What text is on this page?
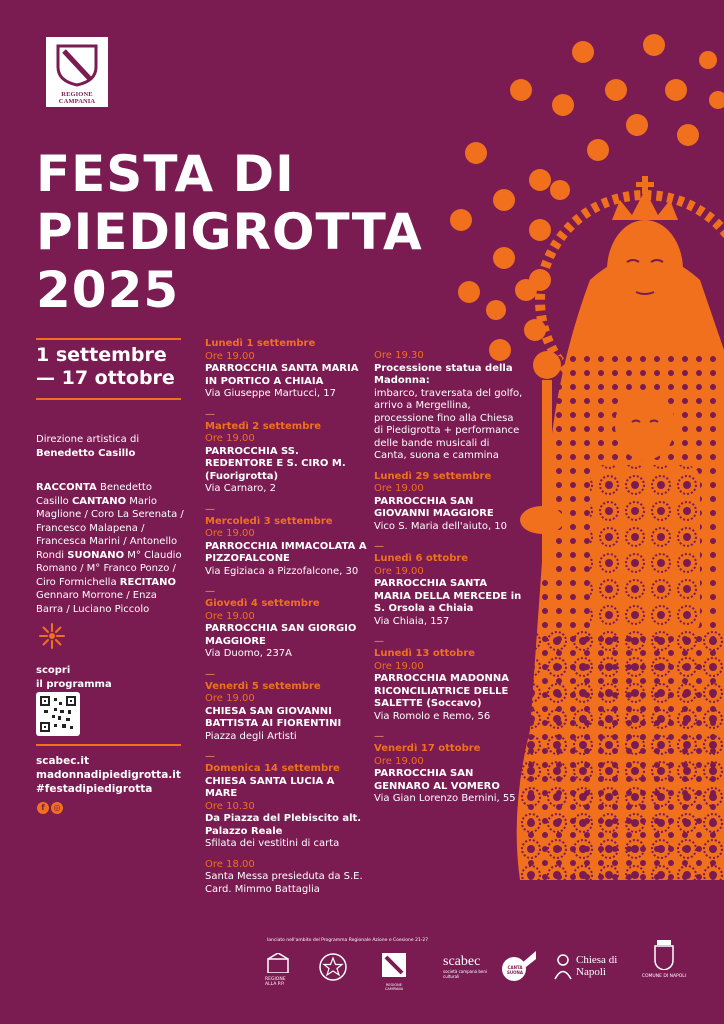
REGIONE CAMPANIA
FESTA DI
PIEDIGROTTA
2025
1 settembre
— 17 ottobre
Direzione artistica di
Benedetto Casillo
RACCONTA Benedetto Casillo CANTANO Mario Maglione / Coro La Serenata / Francesco Malapena / Francesca Marini / Antonello Rondi SUONANO M° Claudio Romano / M° Franco Ponzo / Ciro Formichella RECITANO Gennaro Morrone / Enza Barra / Luciano Piccolo
scopri
il programma
scabec.it
madonnadipiedigrotta.it
#festadipiedigrotta
f ◎
Lunedì 1 settembre
Ore 19.00
PARROCCHIA SANTA MARIA IN PORTICO A CHIAIA
Via Giuseppe Martucci, 17
—
Martedì 2 settembre
Ore 19.00
PARROCCHIA SS. REDENTORE E S. CIRO M. (Fuorigrotta)
Via Carnaro, 2
—
Mercoledì 3 settembre
Ore 19.00
PARROCCHIA IMMACOLATA A PIZZOFALCONE
Via Egiziaca a Pizzofalcone, 30
—
Giovedì 4 settembre
Ore 19.00
PARROCCHIA SAN GIORGIO MAGGIORE
Via Duomo, 237A
—
Venerdì 5 settembre
Ore 19.00
CHIESA SAN GIOVANNI BATTISTA AI FIORENTINI
Piazza degli Artisti
—
Domenica 14 settembre
CHIESA SANTA LUCIA A MARE
Ore 10.30
Da Piazza del Plebiscito alt. Palazzo Reale
Sfilata dei vestitini di carta
Ore 18.00
Santa Messa presieduta da S.E. Card. Mimmo Battaglia
Ore 19.30
Processione statua della Madonna:
imbarco, traversata del golfo, arrivo a Mergellina, processione fino alla Chiesa di Piedigrotta + performance delle bande musicali di Canta, suona e cammina
Lunedì 29 settembre
Ore 19.00
PARROCCHIA SAN GIOVANNI MAGGIORE
Vico S. Maria dell'aiuto, 10
—
Lunedì 6 ottobre
Ore 19.00
PARROCCHIA SANTA MARIA DELLA MERCEDE in S. Orsola a Chiaia
Via Chiaia, 157
—
Lunedì 13 ottobre
Ore 19.00
PARROCCHIA MADONNA RICONCILIATRICE DELLE SALETTE (Soccavo)
Via Romolo e Remo, 56
—
Venerdì 17 ottobre
Ore 19.00
PARROCCHIA SAN GENNARO AL VOMERO
Via Gian Lorenzo Bernini, 55
lanciato nell'ambito del Programma Regionale Azione e Coesione 21-27
REGIONE ALLA P.P.	REGIONE CAMPANIA
scabec
società campana beni culturali
CANTA SUONA
Chiesa di Napoli	COMUNE DI NAPOLI
